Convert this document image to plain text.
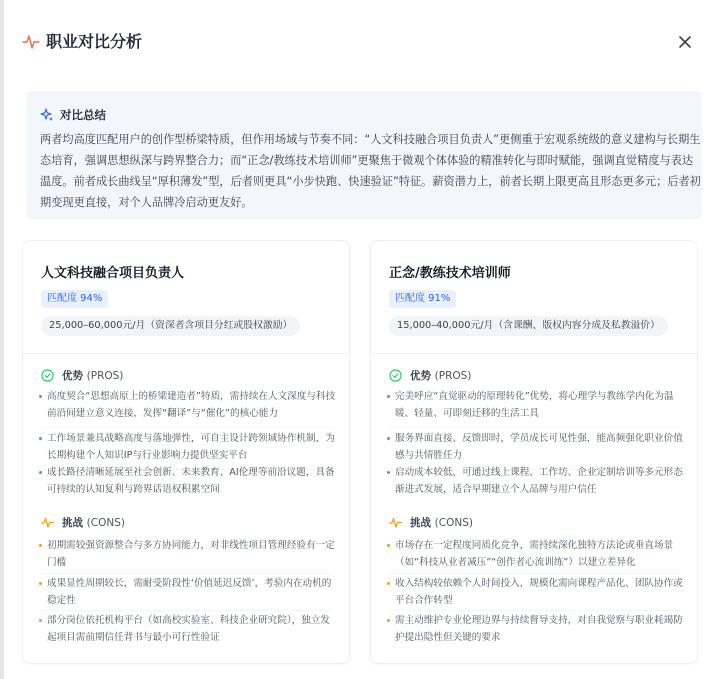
职业对比分析
对比总结
两者均高度匹配用户的创作型桥梁特质，但作用场域与节奏不同：“人文科技融合项目负责人”更侧重于宏观系统级的意义建构与长期生态培育，强调思想纵深与跨界整合力；而“正念/教练技术培训师”更聚焦于微观个体体验的精准转化与即时赋能，强调直觉精度与表达温度。前者成长曲线呈“厚积薄发”型，后者则更具“小步快跑、快速验证”特征。薪资潜力上，前者长期上限更高且形态更多元；后者初期变现更直接，对个人品牌冷启动更友好。
人文科技融合项目负责人
匹配度 94%
25,000–60,000元/月（资深者含项目分红或股权激励）
优势 (PROS)
高度契合“思想高原上的桥梁建造者”特质，需持续在人文深度与科技前沿间建立意义连接，发挥“翻译”与“催化”的核心能力
工作场景兼具战略高度与落地弹性，可自主设计跨领域协作机制，为长期构建个人知识IP与行业影响力提供坚实平台
成长路径清晰延展至社会创新、未来教育、AI伦理等前沿议题，具备可持续的认知复利与跨界话语权积累空间
挑战 (CONS)
初期需较强资源整合与多方协同能力，对非线性项目管理经验有一定门槛
成果显性周期较长，需耐受阶段性‘价值延迟反馈’，考验内在动机的稳定性
部分岗位依托机构平台（如高校实验室、科技企业研究院），独立发起项目需前期信任背书与最小可行性验证
正念/教练技术培训师
匹配度 91%
15,000–40,000元/月（含课酬、版权内容分成及私教溢价）
优势 (PROS)
完美呼应“直觉驱动的原理转化”优势，将心理学与教练学内化为温暖、轻量、可即刻迁移的生活工具
服务界面直接、反馈即时，学员成长可见性强，能高频强化职业价值感与共情胜任力
启动成本较低，可通过线上课程、工作坊、企业定制培训等多元形态渐进式发展，适合早期建立个人品牌与用户信任
挑战 (CONS)
市场存在一定程度同质化竞争，需持续深化独特方法论或垂直场景（如“科技从业者减压”“创作者心流训练”）以建立差异化
收入结构较依赖个人时间投入，规模化需向课程产品化、团队协作或平台合作转型
需主动维护专业伦理边界与持续督导支持，对自我觉察与职业耗竭防护提出隐性但关键的要求
